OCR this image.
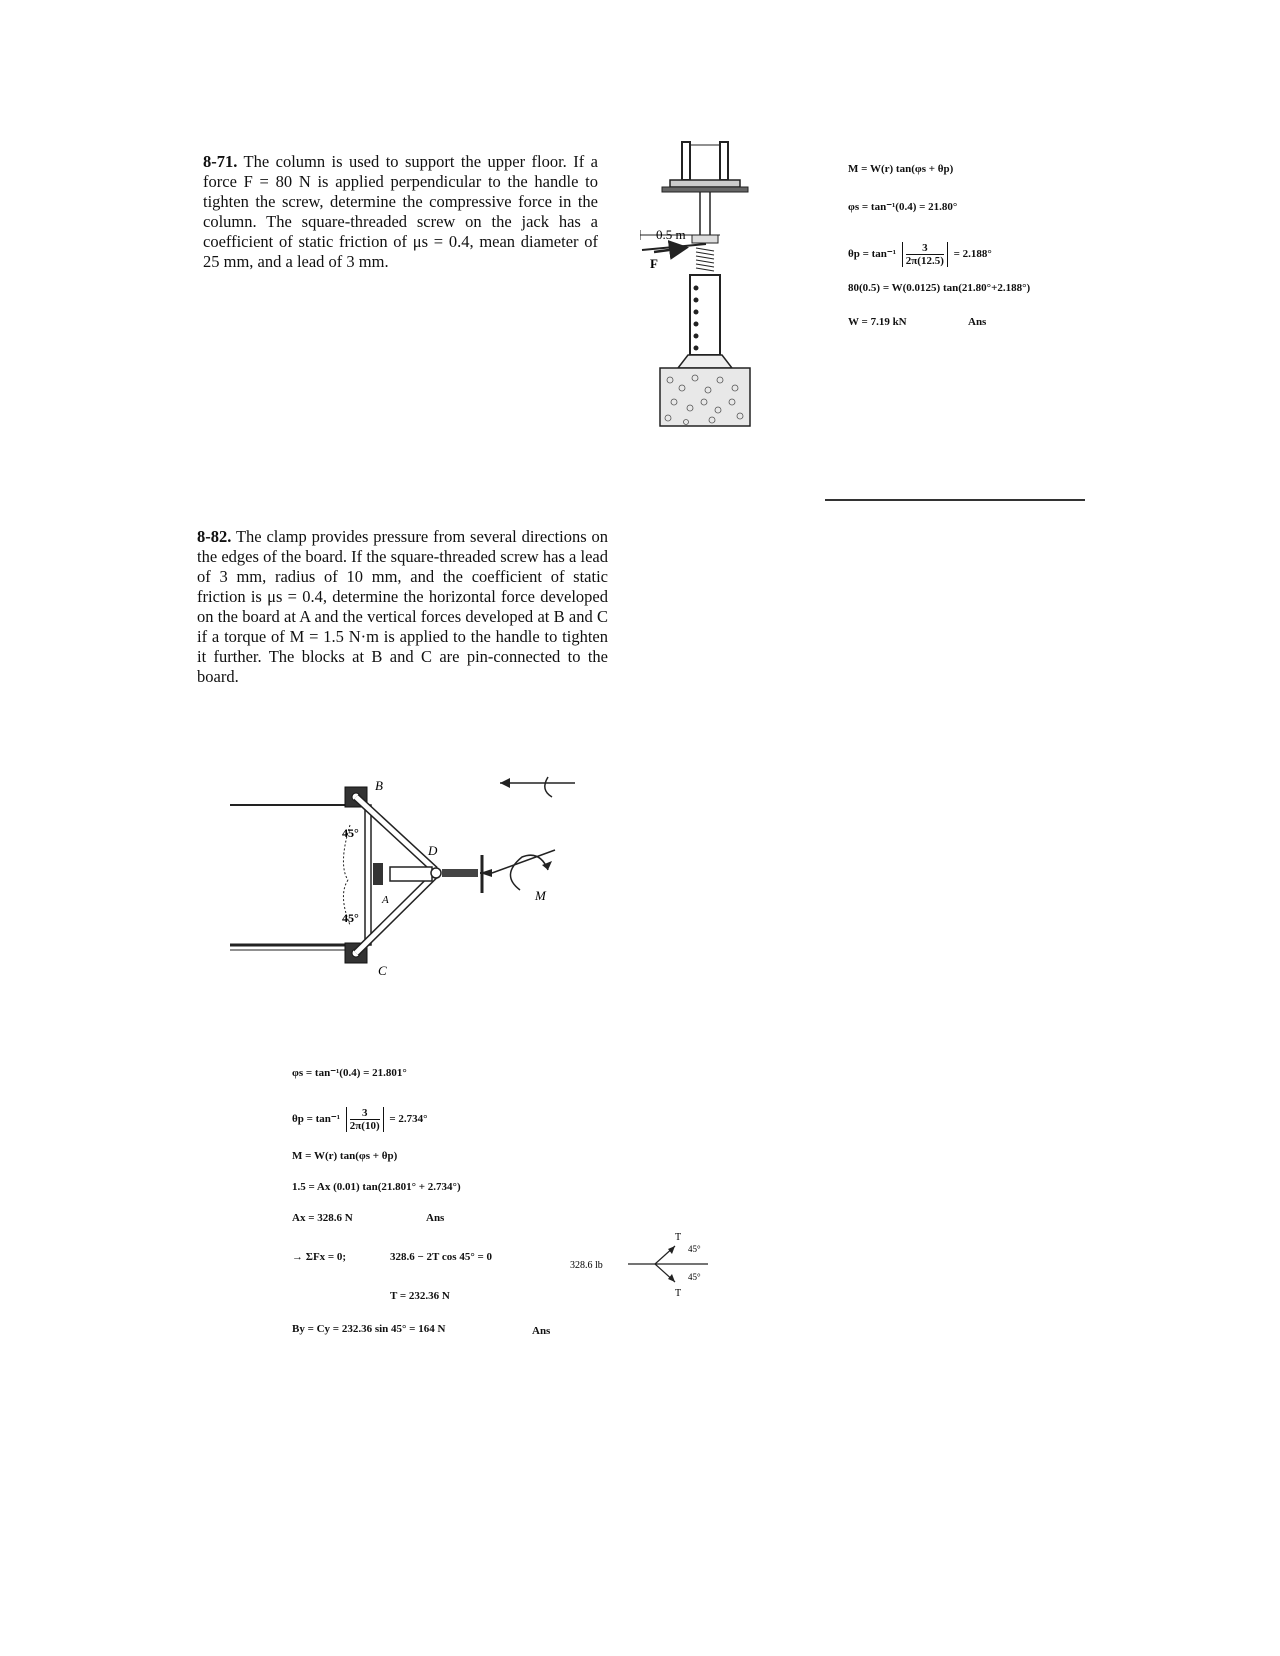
8-71. The column is used to support the upper floor. If a force F = 80 N is applied perpendicular to the handle to tighten the screw, determine the compressive force in the column. The square-threaded screw on the jack has a coefficient of static friction of μs = 0.4, mean diameter of 25 mm, and a lead of 3 mm.
0.5 m
F
M = W(r) tan(φs + θp)
φs = tan⁻¹(0.4) = 21.80°
$\theta p = \tan^{-1} \frac{3}{2\pi(12.5)} = 2.188^\circ$
80(0.5) = W(0.0125) tan(21.80°+2.188°)
W = 7.19 kN	Ans
8-82. The clamp provides pressure from several directions on the edges of the board. If the square-threaded screw has a lead of 3 mm, radius of 10 mm, and the coefficient of static friction is μs = 0.4, determine the horizontal force developed on the board at A and the vertical forces developed at B and C if a torque of M = 1.5 N·m is applied to the handle to tighten it further. The blocks at B and C are pin-connected to the board.
B
C
45°
45°
A
D
M
φs = tan⁻¹(0.4) = 21.801°
$\theta p = \tan^{-1} \frac{3}{2\pi(10)} = 2.734^\circ$
M = W(r) tan(φs + θp)
1.5 = Ax (0.01) tan(21.801° + 2.734°)
Ax = 328.6 N	Ans
→ ΣFx = 0;	328.6 − 2T cos 45° = 0
T = 232.36 N
By = Cy = 232.36 sin 45° = 164 N	Ans
328.6 lb
T
T
45°
45°
